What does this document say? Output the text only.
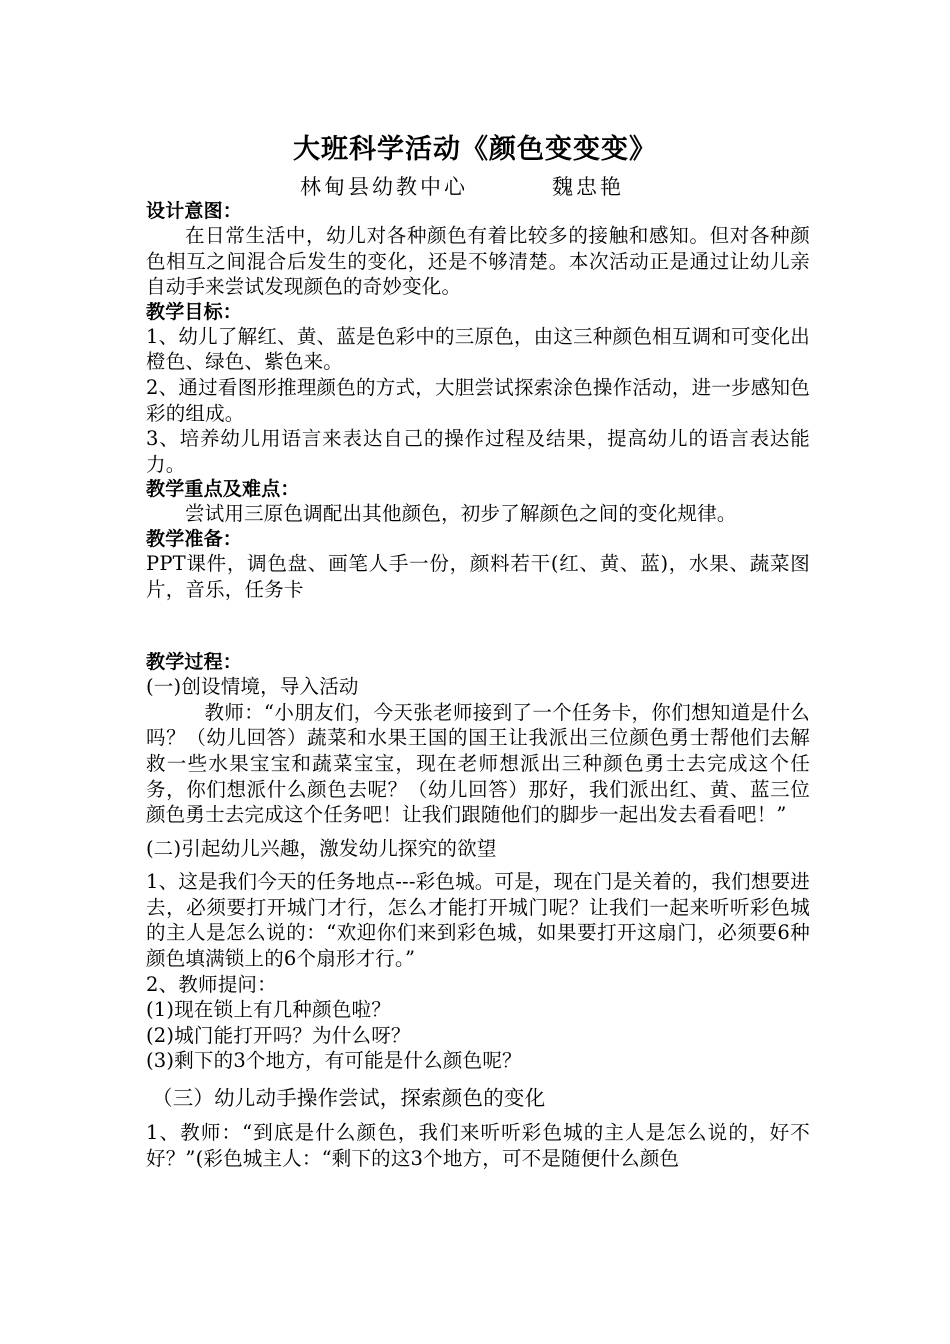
大班科学活动《颜色变变变》
林甸县幼教中心	魏忠艳

设计意图：

在日常生活中，幼儿对各种颜色有着比较多的接触和感知。但对各种颜色相互之间混合后发生的变化，还是不够清楚。本次活动正是通过让幼儿亲自动手来尝试发现颜色的奇妙变化。

教学目标：

1、幼儿了解红、黄、蓝是色彩中的三原色，由这三种颜色相互调和可变化出橙色、绿色、紫色来。

2、通过看图形推理颜色的方式，大胆尝试探索涂色操作活动，进一步感知色彩的组成。

3、培养幼儿用语言来表达自己的操作过程及结果，提高幼儿的语言表达能力。

教学重点及难点：

尝试用三原色调配出其他颜色，初步了解颜色之间的变化规律。

教学准备：

PPT课件，调色盘、画笔人手一份，颜料若干(红、黄、蓝)，水果、蔬菜图片，音乐，任务卡

教学过程：

(一)创设情境，导入活动

教师：“小朋友们，今天张老师接到了一个任务卡，你们想知道是什么吗？（幼儿回答）蔬菜和水果王国的国王让我派出三位颜色勇士帮他们去解救一些水果宝宝和蔬菜宝宝，现在老师想派出三种颜色勇士去完成这个任务，你们想派什么颜色去呢？（幼儿回答）那好，我们派出红、黄、蓝三位颜色勇士去完成这个任务吧！让我们跟随他们的脚步一起出发去看看吧！”

(二)引起幼儿兴趣，激发幼儿探究的欲望

1、这是我们今天的任务地点---彩色城。可是，现在门是关着的，我们想要进去，必须要打开城门才行，怎么才能打开城门呢？让我们一起来听听彩色城的主人是怎么说的：“欢迎你们来到彩色城，如果要打开这扇门，必须要6种颜色填满锁上的6个扇形才行。”

2、教师提问：

(1)现在锁上有几种颜色啦？

(2)城门能打开吗？为什么呀？

(3)剩下的3个地方，有可能是什么颜色呢？

（三）幼儿动手操作尝试，探索颜色的变化

1、教师：“到底是什么颜色，我们来听听彩色城的主人是怎么说的，好不好？”(彩色城主人：“剩下的这3个地方，可不是随便什么颜色
